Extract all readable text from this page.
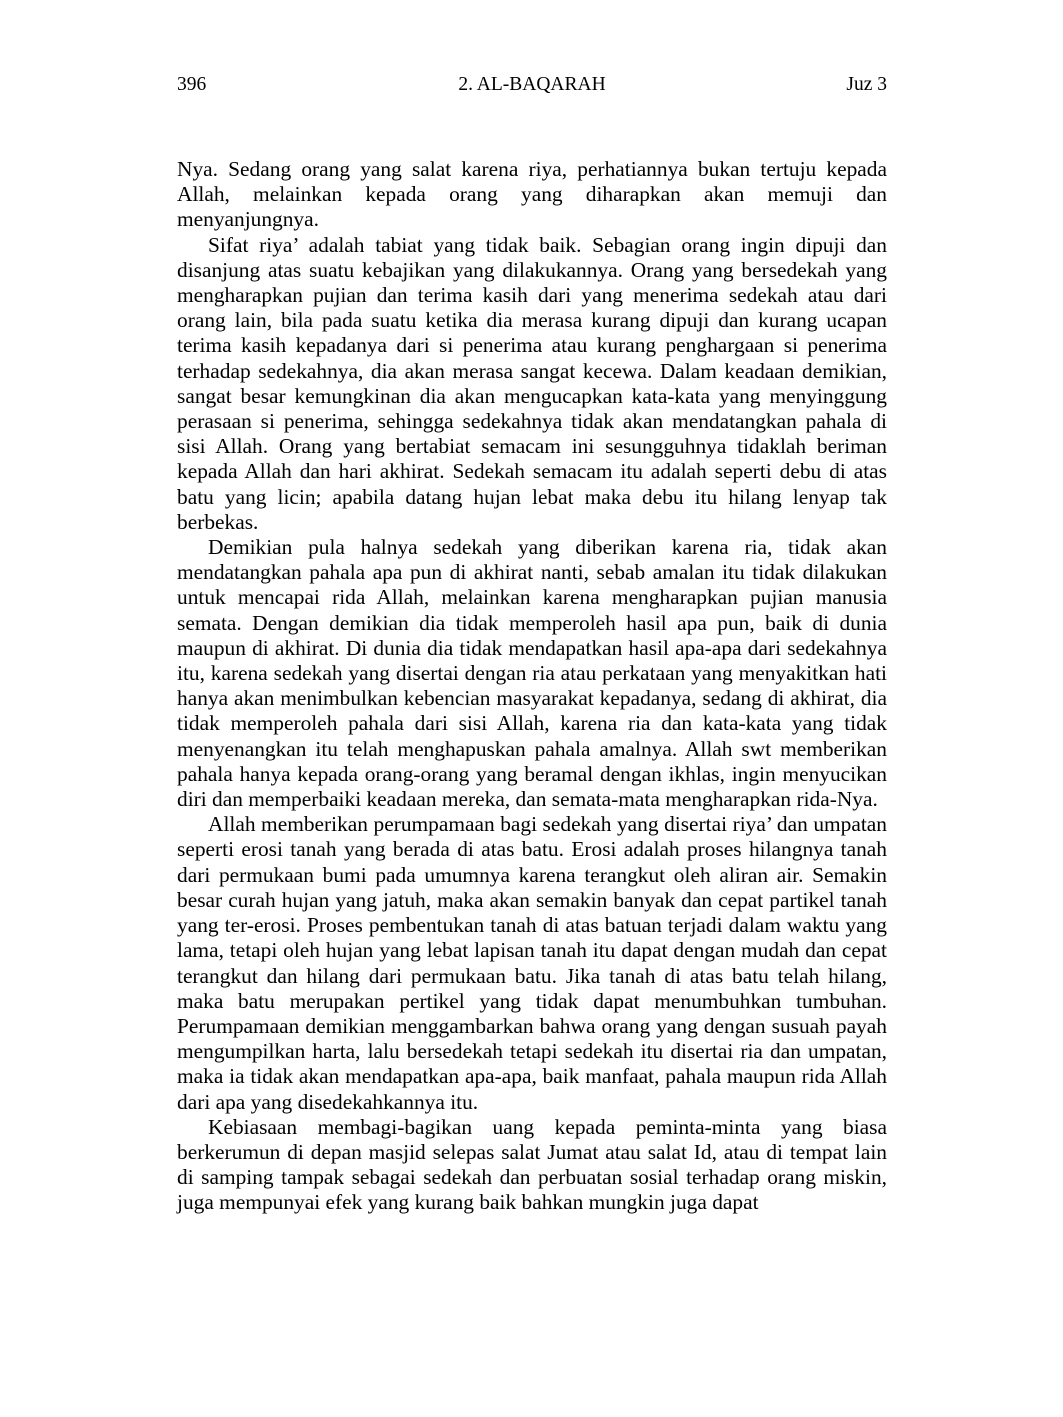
396	2. AL-BAQARAH	Juz 3

Nya. Sedang orang yang salat karena riya, perhatiannya bukan tertuju kepada Allah, melainkan kepada orang yang diharapkan akan memuji dan menyanjungnya.

Sifat riya’ adalah tabiat yang tidak baik. Sebagian orang ingin dipuji dan disanjung atas suatu kebajikan yang dilakukannya. Orang yang bersedekah yang mengharapkan pujian dan terima kasih dari yang menerima sedekah atau dari orang lain, bila pada suatu ketika dia merasa kurang dipuji dan kurang ucapan terima kasih kepadanya dari si penerima atau kurang penghargaan si penerima terhadap sedekahnya, dia akan merasa sangat kecewa. Dalam keadaan demikian, sangat besar kemungkinan dia akan mengucapkan kata-kata yang menyinggung perasaan si penerima, sehingga sedekahnya tidak akan mendatangkan pahala di sisi Allah. Orang yang bertabiat semacam ini sesungguhnya tidaklah beriman kepada Allah dan hari akhirat. Sedekah semacam itu adalah seperti debu di atas batu yang licin; apabila datang hujan lebat maka debu itu hilang lenyap tak berbekas.

Demikian pula halnya sedekah yang diberikan karena ria, tidak akan mendatangkan pahala apa pun di akhirat nanti, sebab amalan itu tidak dilakukan untuk mencapai rida Allah, melainkan karena mengharapkan pujian manusia semata. Dengan demikian dia tidak memperoleh hasil apa pun, baik di dunia maupun di akhirat. Di dunia dia tidak mendapatkan hasil apa-apa dari sedekahnya itu, karena sedekah yang disertai dengan ria atau perkataan yang menyakitkan hati hanya akan menimbulkan kebencian masyarakat kepadanya, sedang di akhirat, dia tidak memperoleh pahala dari sisi Allah, karena ria dan kata-kata yang tidak menyenangkan itu telah menghapuskan pahala amalnya. Allah swt memberikan pahala hanya kepada orang-orang yang beramal dengan ikhlas, ingin menyucikan diri dan memperbaiki keadaan mereka, dan semata-mata mengharapkan rida-Nya.

Allah memberikan perumpamaan bagi sedekah yang disertai riya’ dan umpatan seperti erosi tanah yang berada di atas batu. Erosi adalah proses hilangnya tanah dari permukaan bumi pada umumnya karena terangkut oleh aliran air. Semakin besar curah hujan yang jatuh, maka akan semakin banyak dan cepat partikel tanah yang ter-erosi. Proses pembentukan tanah di atas batuan terjadi dalam waktu yang lama, tetapi oleh hujan yang lebat lapisan tanah itu dapat dengan mudah dan cepat terangkut dan hilang dari permukaan batu. Jika tanah di atas batu telah hilang, maka batu merupakan pertikel yang tidak dapat menumbuhkan tumbuhan. Perumpamaan demikian menggambarkan bahwa orang yang dengan susuah payah mengumpilkan harta, lalu bersedekah tetapi sedekah itu disertai ria dan umpatan, maka ia tidak akan mendapatkan apa-apa, baik manfaat, pahala maupun rida Allah dari apa yang disedekahkannya itu.

Kebiasaan membagi-bagikan uang kepada peminta-minta yang biasa berkerumun di depan masjid selepas salat Jumat atau salat Id, atau di tempat lain di samping tampak sebagai sedekah dan perbuatan sosial terhadap orang miskin, juga mempunyai efek yang kurang baik bahkan mungkin juga dapat
